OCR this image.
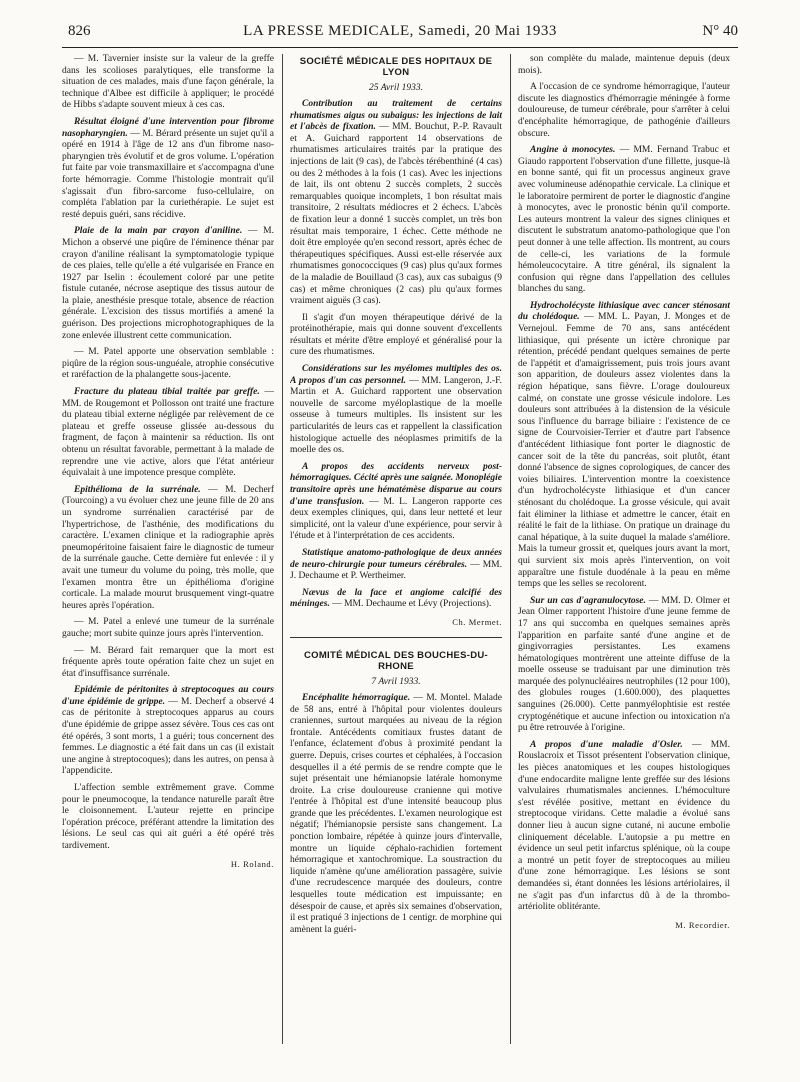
826	LA PRESSE MEDICALE, Samedi, 20 Mai 1933	N° 40

— M. Tavernier insiste sur la valeur de la greffe dans les scolioses paralytiques, elle transforme la situation de ces malades, mais d'une façon générale, la technique d'Albee est difficile à appliquer; le procédé de Hibbs s'adapte souvent mieux à ces cas.

Résultat éloigné d'une intervention pour fibrome nasopharyngien. — M. Bérard présente un sujet qu'il a opéré en 1914 à l'âge de 12 ans d'un fibrome naso-pharyngien très évolutif et de gros volume. L'opération fut faite par voie transmaxillaire et s'accompagna d'une forte hémorragie. Comme l'histologie montrait qu'il s'agissait d'un fibro-sarcome fuso-cellulaire, on compléta l'ablation par la curiethérapie. Le sujet est resté depuis guéri, sans récidive.

Plaie de la main par crayon d'aniline. — M. Michon a observé une piqûre de l'éminence thénar par crayon d'aniline réalisant la symptomatologie typique de ces plaies, telle qu'elle a été vulgarisée en France en 1927 par Iselin : écoulement coloré par une petite fistule cutanée, nécrose aseptique des tissus autour de la plaie, anesthésie presque totale, absence de réaction générale. L'excision des tissus mortifiés a amené la guérison. Des projections microphotographiques de la zone enlevée illustrent cette communication.

— M. Patel apporte une observation semblable : piqûre de la région sous-unguéale, atrophie consécutive et raréfaction de la phalangette sous-jacente.

Fracture du plateau tibial traitée par greffe. — MM. de Rougemont et Pollosson ont traité une fracture du plateau tibial externe négligée par relèvement de ce plateau et greffe osseuse glissée au-dessous du fragment, de façon à maintenir sa réduction. Ils ont obtenu un résultat favorable, permettant à la malade de reprendre une vie active, alors que l'état antérieur équivalait à une impotence presque complète.

Epithélioma de la surrénale. — M. Decherf (Tourcoing) a vu évoluer chez une jeune fille de 20 ans un syndrome surrénalien caractérisé par de l'hypertrichose, de l'asthénie, des modifications du caractère. L'examen clinique et la radiographie après pneumopéritoine faisaient faire le diagnostic de tumeur de la surrénale gauche. Cette dernière fut enlevée : il y avait une tumeur du volume du poing, très molle, que l'examen montra être un épithélioma d'origine corticale. La malade mourut brusquement vingt-quatre heures après l'opération.

— M. Patel a enlevé une tumeur de la surrénale gauche; mort subite quinze jours après l'intervention.

— M. Bérard fait remarquer que la mort est fréquente après toute opération faite chez un sujet en état d'insuffisance surrénale.

Epidémie de péritonites à streptocoques au cours d'une épidémie de grippe. — M. Decherf a observé 4 cas de péritonite à streptocoques apparus au cours d'une épidémie de grippe assez sévère. Tous ces cas ont été opérés, 3 sont morts, 1 a guéri; tous concernent des femmes. Le diagnostic a été fait dans un cas (il existait une angine à streptocoques); dans les autres, on pensa à l'appendicite.

L'affection semble extrêmement grave. Comme pour le pneumocoque, la tendance naturelle paraît être le cloisonnement. L'auteur rejette en principe l'opération précoce, préférant attendre la limitation des lésions. Le seul cas qui ait guéri a été opéré très tardivement.

H. Roland.
SOCIÉTÉ MÉDICALE DES HOPITAUX DE LYON
25 Avril 1933.

Contribution au traitement de certains rhumatismes aigus ou subaigus: les injections de lait et l'abcès de fixation. — MM. Bouchut, P.-P. Ravault et A. Guichard rapportent 14 observations de rhumatismes articulaires traités par la pratique des injections de lait (9 cas), de l'abcès térébenthiné (4 cas) ou des 2 méthodes à la fois (1 cas). Avec les injections de lait, ils ont obtenu 2 succès complets, 2 succès remarquables quoique incomplets, 1 bon résultat mais transitoire, 2 résultats médiocres et 2 échecs. L'abcès de fixation leur a donné 1 succès complet, un très bon résultat mais temporaire, 1 échec. Cette méthode ne doit être employée qu'en second ressort, après échec de thérapeutiques spécifiques. Aussi est-elle réservée aux rhumatismes gonococciques (9 cas) plus qu'aux formes de la maladie de Bouillaud (3 cas), aux cas subaigus (9 cas) et même chroniques (2 cas) plu qu'aux formes vraiment aiguës (3 cas).

Il s'agit d'un moyen thérapeutique dérivé de la protéinothérapie, mais qui donne souvent d'excellents résultats et mérite d'être employé et généralisé pour la cure des rhumatismes.

Considérations sur les myélomes multiples des os. A propos d'un cas personnel. — MM. Langeron, J.-F. Martin et A. Guichard rapportent une observation nouvelle de sarcome myéloplastique de la moelle osseuse à tumeurs multiples. Ils insistent sur les particularités de leurs cas et rappellent la classification histologique actuelle des néoplasmes primitifs de la moelle des os.

A propos des accidents nerveux post-hémorragiques. Cécité après une saignée. Monoplégie transitoire après une hématémèse disparue au cours d'une transfusion. — M. L. Langeron rapporte ces deux exemples cliniques, qui, dans leur netteté et leur simplicité, ont la valeur d'une expérience, pour servir à l'étude et à l'interprétation de ces accidents.

Statistique anatomo-pathologique de deux années de neuro-chirurgie pour tumeurs cérébrales. — MM. J. Dechaume et P. Wertheimer.

Nævus de la face et angiome calcifié des méninges. — MM. Dechaume et Lévy (Projections).

Ch. Mermet.
COMITÉ MÉDICAL DES BOUCHES-DU-RHONE
7 Avril 1933.

Encéphalite hémorragique. — M. Montel. Malade de 58 ans, entré à l'hôpital pour violentes douleurs craniennes, surtout marquées au niveau de la région frontale. Antécédents comitiaux frustes datant de l'enfance, éclatement d'obus à proximité pendant la guerre. Depuis, crises courtes et céphalées, à l'occasion desquelles il a été permis de se rendre compte que le sujet présentait une hémianopsie latérale homonyme droite. La crise douloureuse cranienne qui motive l'entrée à l'hôpital est d'une intensité beaucoup plus grande que les précédentes. L'examen neurologique est négatif; l'hémianopsie persiste sans changement. La ponction lombaire, répétée à quinze jours d'intervalle, montre un liquide céphalo-rachidien fortement hémorragique et xantochromique. La soustraction du liquide n'amène qu'une amélioration passagère, suivie d'une recrudescence marquée des douleurs, contre lesquelles toute médication est impuissante; en désespoir de cause, et après six semaines d'observation, il est pratiqué 3 injections de 1 centigr. de morphine qui amènent la guéri-

son complète du malade, maintenue depuis (deux mois).

A l'occasion de ce syndrome hémorragique, l'auteur discute les diagnostics d'hémorragie méningée à forme douloureuse, de tumeur cérébrale, pour s'arrêter à celui d'encéphalite hémorragique, de pathogénie d'ailleurs obscure.

Angine à monocytes. — MM. Fernand Trabuc et Giaudo rapportent l'observation d'une fillette, jusque-là en bonne santé, qui fit un processus angineux grave avec volumineuse adénopathie cervicale. La clinique et le laboratoire permirent de porter le diagnostic d'angine à monocytes, avec le pronostic bénin qu'il comporte. Les auteurs montrent la valeur des signes cliniques et discutent le substratum anatomo-pathologique que l'on peut donner à une telle affection. Ils montrent, au cours de celle-ci, les variations de la formule hémoleucocytaire. A titre général, ils signalent la confusion qui règne dans l'appellation des cellules blanches du sang.

Hydrocholécyste lithiasique avec cancer sténosant du cholédoque. — MM. L. Payan, J. Monges et de Vernejoul. Femme de 70 ans, sans antécédent lithiasique, qui présente un ictère chronique par rétention, précédé pendant quelques semaines de perte de l'appétit et d'amaigrissement, puis trois jours avant son apparition, de douleurs assez violentes dans la région hépatique, sans fièvre. L'orage douloureux calmé, on constate une grosse vésicule indolore. Les douleurs sont attribuées à la distension de la vésicule sous l'influence du barrage biliaire : l'existence de ce signe de Courvoisier-Terrier et d'autre part l'absence d'antécédent lithiasique font porter le diagnostic de cancer soit de la tête du pancréas, soit plutôt, étant donné l'absence de signes coprologiques, de cancer des voies biliaires. L'intervention montre la coexistence d'un hydrocholécyste lithiasique et d'un cancer sténosant du cholédoque. La grosse vésicule, qui avait fait éliminer la lithiase et admettre le cancer, était en réalité le fait de la lithiase. On pratique un drainage du canal hépatique, à la suite duquel la malade s'améliore. Mais la tumeur grossit et, quelques jours avant la mort, qui survient six mois après l'intervention, on voit apparaître une fistule duodénale à la peau en même temps que les selles se recolorent.

Sur un cas d'agranulocytose. — MM. D. Olmer et Jean Olmer rapportent l'histoire d'une jeune femme de 17 ans qui succomba en quelques semaines après l'apparition en parfaite santé d'une angine et de gingivorragies persistantes. Les examens hématologiques montrèrent une atteinte diffuse de la moelle osseuse se traduisant par une diminution très marquée des polynucléaires neutrophiles (12 pour 100), des globules rouges (1.600.000), des plaquettes sanguines (26.000). Cette panmyélophtisie est restée cryptogénétique et aucune infection ou intoxication n'a pu être retrouvée à l'origine.

A propos d'une maladie d'Osler. — MM. Rouslacroix et Tissot présentent l'observation clinique, les pièces anatomiques et les coupes histologiques d'une endocardite maligne lente greffée sur des lésions valvulaires rhumatismales anciennes. L'hémoculture s'est révélée positive, mettant en évidence du streptocoque viridans. Cette maladie a évolué sans donner lieu à aucun signe cutané, ni aucune embolie cliniquement décelable. L'autopsie a pu mettre en évidence un seul petit infarctus splénique, où la coupe a montré un petit foyer de streptocoques au milieu d'une zone hémorragique. Les lésions se sont demandées si, étant données les lésions artériolaires, il ne s'agit pas d'un infarctus dû à de la thrombo-artériolite oblitérante.

M. Recordier.
